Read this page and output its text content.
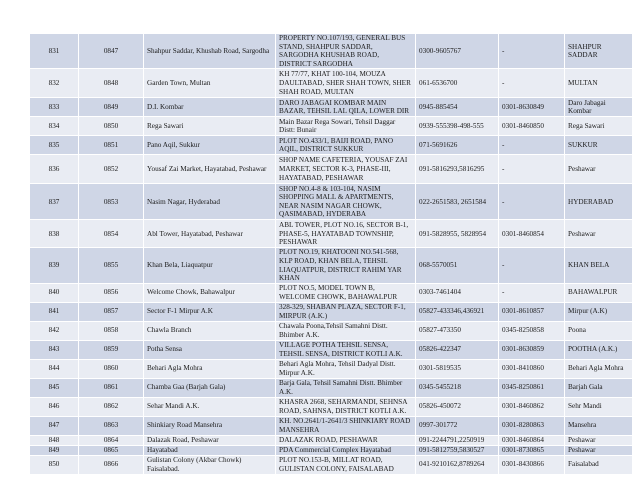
831	0847	Shahpur Saddar, Khushab Road, Sargodha	PROPERTY NO.107/193, GENERAL BUS STAND, SHAHPUR SADDAR, SARGODHA KHUSHAB ROAD, DISTRICT SARGODHA	0300-9605767	-	SHAHPUR SADDAR
832	0848	Garden Town, Multan	KH 77/77, KHAT 100-104, MOUZA DAULTABAD, SHER SHAH TOWN, SHER SHAH ROAD, MULTAN	061-6536700	-	MULTAN
833	0849	D.I. Kombar	DARO JABAGAI KOMBAR MAIN BAZAR, TEHSIL LAL QILA, LOWER DIR	0945-885454	0301-8630849	Daro Jabagai Kombar
834	0850	Rega Sawari	Main Bazar Rega Sowari, Tehsil Daggar Distt: Bunair	0939-555398-498-555	0301-8460850	Rega Sawari
835	0851	Pano Aqil, Sukkur	PLOT NO.433/1, BAIJI ROAD, PANO AQIL, DISTRICT SUKKUR	071-5691626	-	SUKKUR
836	0852	Yousaf Zai Market, Hayatabad, Peshawar	SHOP NAME CAFETERIA, YOUSAF ZAI MARKET, SECTOR K-3, PHASE-III, HAYATABAD, PESHAWAR	091-5816293,5816295	-	Peshawar
837	0853	Nasim Nagar, Hyderabad	SHOP NO.4-8 & 103-104, NASIM SHOPPING MALL & APARTMENTS, NEAR NASIM NAGAR CHOWK, QASIMABAD, HYDERABA	022-2651583, 2651584	-	HYDERABAD
838	0854	Abl Tower, Hayatabad, Peshawar	ABL TOWER, PLOT NO.16, SECTOR B-1, PHASE-5, HAYATABAD TOWNSHIP, PESHAWAR	091-5828955, 5828954	0301-8460854	Peshawar
839	0855	Khan Bela, Liaquatpur	PLOT NO.19, KHATOONI NO.541-568, KLP ROAD, KHAN BELA, TEHSIL LIAQUATPUR, DISTRICT RAHIM YAR KHAN	068-5570051	-	KHAN BELA
840	0856	Welcome Chowk, Bahawalpur	PLOT NO.5, MODEL TOWN B, WELCOME CHOWK, BAHAWALPUR	0303-7461404	-	BAHAWALPUR
841	0857	Sector F-1 Mirpur A.K	328-329, SHABAN PLAZA, SECTOR F-1, MIRPUR (A.K.)	05827-433346,436921	0301-8610857	Mirpur (A.K)
842	0858	Chawla Branch	Chawala Poona,Tehsil Samahni Distt. Bhimber A.K.	05827-473350	0345-8250858	Poona
843	0859	Potha Sensa	VILLAGE POTHA TEHSIL SENSA, TEHSIL SENSA, DISTRICT KOTLI A.K.	05826-422347	0301-8630859	POOTHA (A.K.)
844	0860	Behari Agla Mohra	Behari Agla Mohra, Tehsil Dadyal Distt. Mirpur A.K.	0301-5819535	0301-8410860	Behari Agla Mohra
845	0861	Chamba Gaa (Barjah Gala)	Barja Gala, Tehsil Samahni Distt. Bhimber A.K.	0345-5455218	0345-8250861	Barjah Gala
846	0862	Sehar Mandi A.K.	KHASRA 2668, SEHARMANDI, SEHNSA ROAD, SAHNSA, DISTRICT KOTLI A.K.	05826-450072	0301-8460862	Sehr Mandi
847	0863	Shinkiary Road Mansehra	KH. NO.2641/1-2641/3 SHINKIARY ROAD MANSEHRA	0997-301772	0301-8280863	Mansehra
848	0864	Dalazak Road, Peshawar	DALAZAK ROAD, PESHAWAR	091-2244791,2250919	0301-8460864	Peshawar
849	0865	Hayatabad	PDA Commercial Complex Hayatabad	091-5812759,5830527	0301-8730865	Peshawar
850	0866	Gulistan Colony (Akbar Chowk) Faisalabad.	PLOT NO.153-B, MILLAT ROAD, GULISTAN COLONY, FAISALABAD	041-9210162,8789264	0301-8430866	Faisalabad
